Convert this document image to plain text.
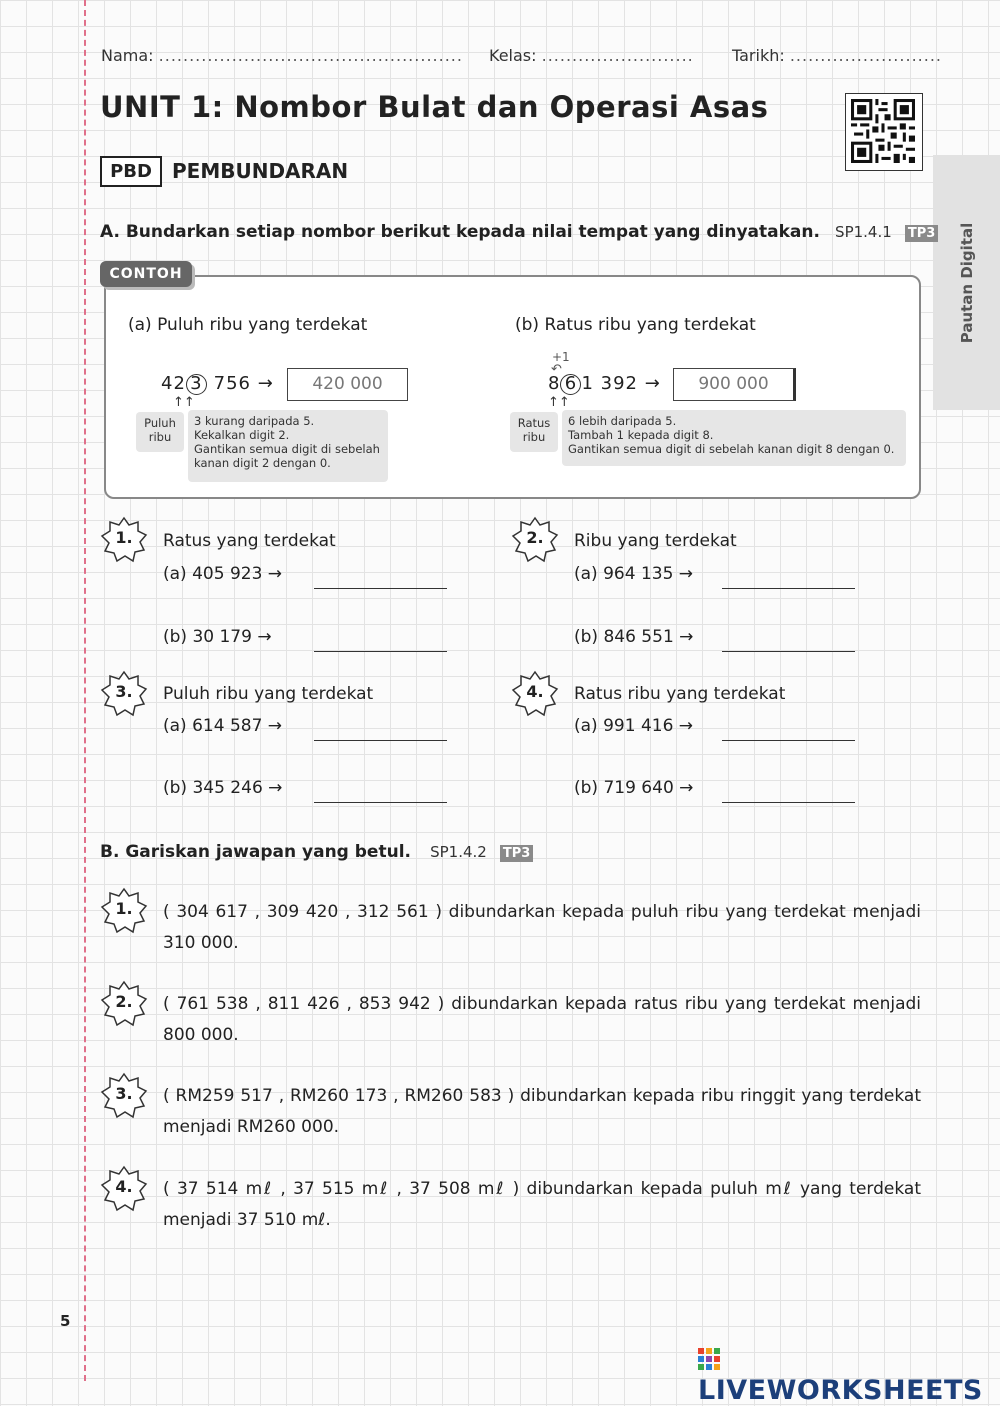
Nama: .................................................. Kelas: ......................... Tarikh: .........................
UNIT 1: Nombor Bulat dan Operasi Asas
PBD	PEMBUNDARAN
Pautan Digital
A. Bundarkan setiap nombor berikut kepada nilai tempat yang dinyatakan. SP1.4.1 TP3
CONTOH
(a) Puluh ribu yang terdekat
42 3 756 →	420 000
↑↑
Puluh
ribu
3 kurang daripada 5.
Kekalkan digit 2.
Gantikan semua digit di sebelah
kanan digit 2 dengan 0.
(b) Ratus ribu yang terdekat
+1
↶
8 6 1 392 →	900 000
↑↑
Ratus
ribu
6 lebih daripada 5.
Tambah 1 kepada digit 8.
Gantikan semua digit di sebelah kanan digit 8 dengan 0.
1.	Ratus yang terdekat
(a) 405 923 →
(b) 30 179 →
2.	Ribu yang terdekat
(a) 964 135 →
(b) 846 551 →
3.	Puluh ribu yang terdekat
(a) 614 587 →
(b) 345 246 →
4.	Ratus ribu yang terdekat
(a) 991 416 →
(b) 719 640 →
B. Gariskan jawapan yang betul. SP1.4.2 TP3
1.	( 304 617 , 309 420 , 312 561 ) dibundarkan kepada puluh ribu yang terdekat menjadi 310 000.
2.	( 761 538 , 811 426 , 853 942 ) dibundarkan kepada ratus ribu yang terdekat menjadi 800 000.
3.	( RM259 517 , RM260 173 , RM260 583 ) dibundarkan kepada ribu ringgit yang terdekat menjadi RM260 000.
4.	( 37 514 mℓ , 37 515 mℓ , 37 508 mℓ ) dibundarkan kepada puluh mℓ yang terdekat menjadi 37 510 mℓ.
5
LIVEWORKSHEETS
